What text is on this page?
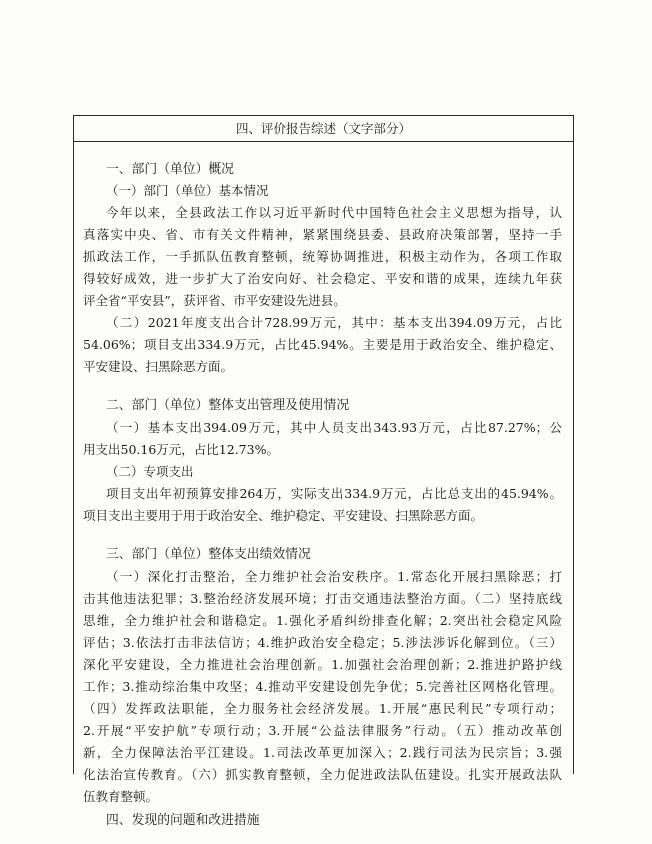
四、评价报告综述（文字部分）
一、部门（单位）概况
（一）部门（单位）基本情况
今年以来，全县政法工作以习近平新时代中国特色社会主义思想为指导，认
真落实中央、省、市有关文件精神，紧紧围绕县委、县政府决策部署，坚持一手
抓政法工作，一手抓队伍教育整顿，统筹协调推进，积极主动作为，各项工作取
得较好成效，进一步扩大了治安向好、社会稳定、平安和谐的成果，连续九年获
评全省“平安县”，获评省、市平安建设先进县。
（二）2021年度支出合计728.99万元，其中：基本支出394.09万元，占比
54.06%；项目支出334.9万元，占比45.94%。主要是用于政治安全、维护稳定、
平安建设、扫黑除恶方面。
二、部门（单位）整体支出管理及使用情况
（一）基本支出394.09万元，其中人员支出343.93万元，占比87.27%；公
用支出50.16万元，占比12.73%。
（二）专项支出
项目支出年初预算安排264万，实际支出334.9万元，占比总支出的45.94%。
项目支出主要用于用于政治安全、维护稳定、平安建设、扫黑除恶方面。
三、部门（单位）整体支出绩效情况
（一）深化打击整治，全力维护社会治安秩序。1.常态化开展扫黑除恶；打
击其他违法犯罪；3.整治经济发展环境；打击交通违法整治方面。（二）坚持底线
思维，全力维护社会和谐稳定。1.强化矛盾纠纷排查化解；2.突出社会稳定风险
评估；3.依法打击非法信访；4.维护政治安全稳定；5.涉法涉诉化解到位。（三）
深化平安建设，全力推进社会治理创新。1.加强社会治理创新；2.推进护路护线
工作；3.推动综治集中攻坚；4.推动平安建设创先争优；5.完善社区网格化管理。
（四）发挥政法职能，全力服务社会经济发展。1.开展“惠民利民”专项行动；
2.开展“平安护航”专项行动；3.开展“公益法律服务”行动。（五）推动改革创
新，全力保障法治平江建设。1.司法改革更加深入；2.践行司法为民宗旨；3.强
化法治宣传教育。（六）抓实教育整顿，全力促进政法队伍建设。扎实开展政法队
伍教育整顿。
四、发现的问题和改进措施
